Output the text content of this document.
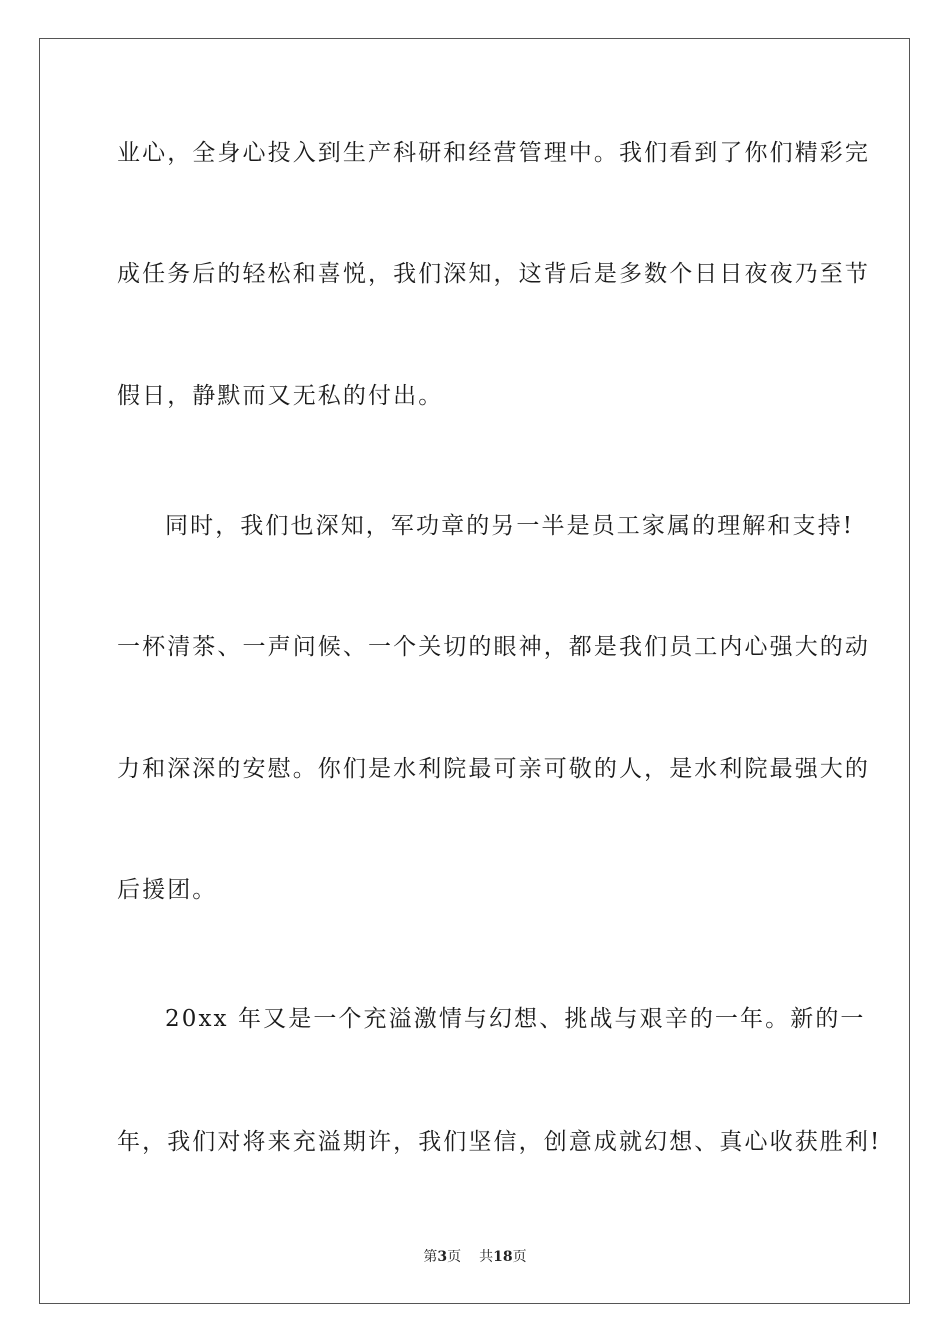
业心，全身心投入到生产科研和经营管理中。我们看到了你们精彩完
成任务后的轻松和喜悦，我们深知，这背后是多数个日日夜夜乃至节
假日，静默而又无私的付出。
同时，我们也深知，军功章的另一半是员工家属的理解和支持!
一杯清茶、一声问候、一个关切的眼神，都是我们员工内心强大的动
力和深深的安慰。你们是水利院最可亲可敬的人，是水利院最强大的
后援团。
20xx 年又是一个充溢激情与幻想、挑战与艰辛的一年。新的一
年，我们对将来充溢期许，我们坚信，创意成就幻想、真心收获胜利!
第3页 共18页
